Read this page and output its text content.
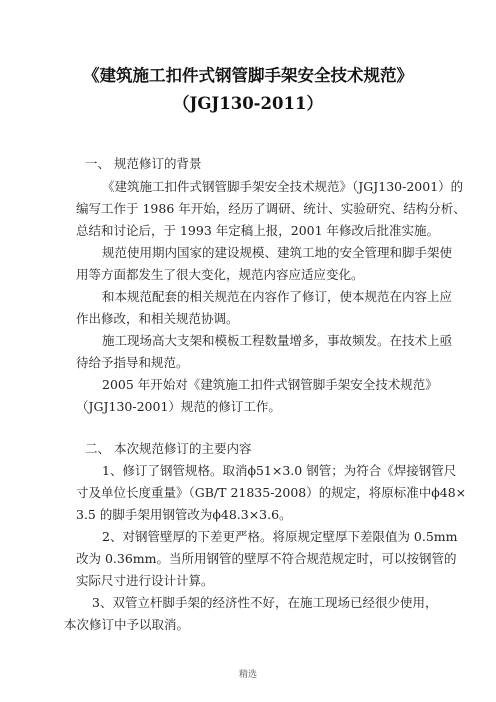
《建筑施工扣件式钢管脚手架安全技术规范》
（JGJ130-2011）
一、 规范修订的背景
《建筑施工扣件式钢管脚手架安全技术规范》（JGJ130-2001）的
编写工作于 1986 年开始，经历了调研、统计、实验研究、结构分析、
总结和讨论后，于 1993 年定稿上报，2001 年修改后批准实施。
规范使用期内国家的建设规模、建筑工地的安全管理和脚手架使
用等方面都发生了很大变化，规范内容应适应变化。
和本规范配套的相关规范在内容作了修订，使本规范在内容上应
作出修改，和相关规范协调。
施工现场高大支架和模板工程数量增多，事故频发。在技术上亟
待给予指导和规范。
2005 年开始对《建筑施工扣件式钢管脚手架安全技术规范》
（JGJ130-2001）规范的修订工作。
二、 本次规范修订的主要内容
1、修订了钢管规格。取消ϕ51×3.0 钢管；为符合《焊接钢管尺
寸及单位长度重量》（GB/T 21835-2008）的规定，将原标准中ϕ48×
3.5 的脚手架用钢管改为ϕ48.3×3.6。
2、对钢管壁厚的下差更严格。将原规定壁厚下差限值为 0.5mm
改为 0.36mm。当所用钢管的壁厚不符合规范规定时，可以按钢管的
实际尺寸进行设计计算。
3、双管立杆脚手架的经济性不好，在施工现场已经很少使用，
本次修订中予以取消。
精选
